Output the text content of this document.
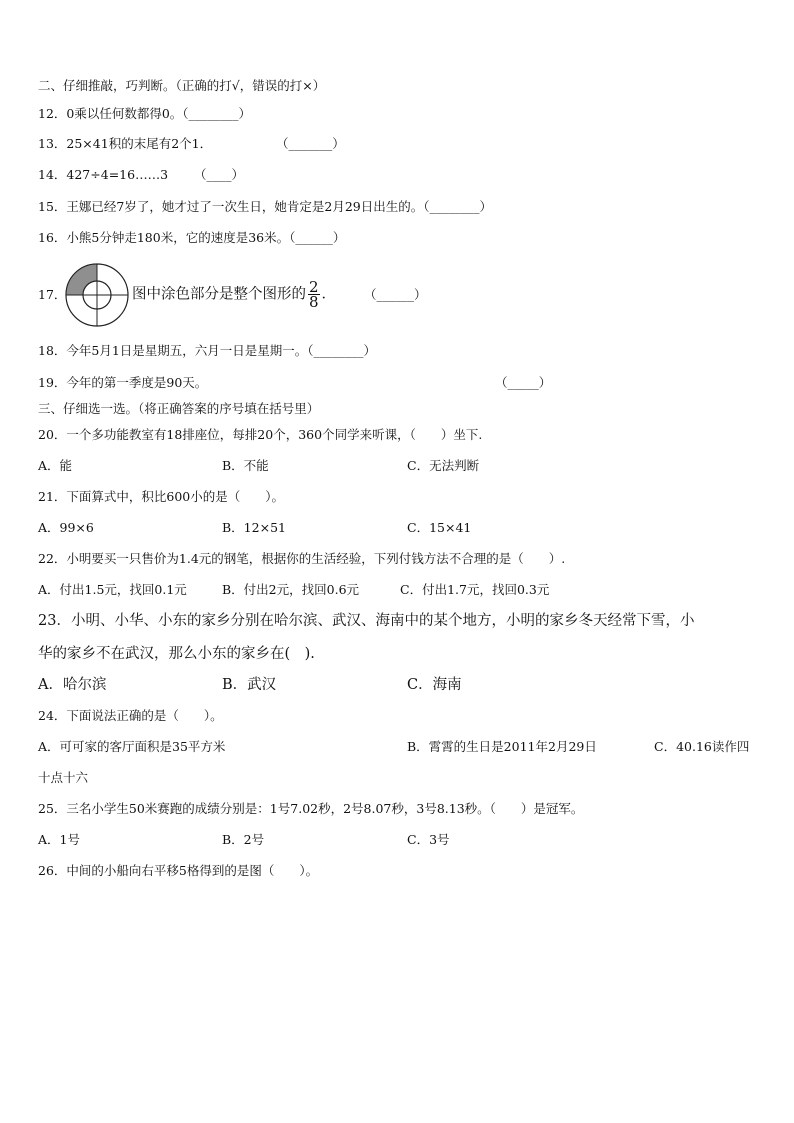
二、仔细推敲，巧判断。（正确的打√，错误的打×）
12．0乘以任何数都得0。（________）
13．25×41积的末尾有2个1．	（_______）
14．427÷4=16……3 （____）
15．王娜已经7岁了，她才过了一次生日，她肯定是2月29日出生的。（________）
16．小熊5分钟走180米，它的速度是36米。（______）
17．	图中涂色部分是整个图形的 $\frac{2}{8}$ ． （______）
18．今年5月1日是星期五，六月一日是星期一。（________）
19．今年的第一季度是90天。	（_____）
三、仔细选一选。（将正确答案的序号填在括号里）
20．一个多功能教室有18排座位，每排20个，360个同学来听课，（　　）坐下.
A．能	B．不能	C．无法判断
21．下面算式中，积比600小的是（　　）。
A．99×6	B．12×51	C．15×41
22．小明要买一只售价为1.4元的钢笔，根据你的生活经验，下列付钱方法不合理的是（　　）.
A．付出1.5元，找回0.1元	B．付出2元，找回0.6元	C．付出1.7元，找回0.3元
23．小明、小华、小东的家乡分别在哈尔滨、武汉、海南中的某个地方，小明的家乡冬天经常下雪，小
华的家乡不在武汉，那么小东的家乡在(　).
A．哈尔滨	B．武汉	C．海南
24．下面说法正确的是（　　）。
A．可可家的客厅面积是35平方米	B．霄霄的生日是2011年2月29日	C．40.16读作四
十点十六
25．三名小学生50米赛跑的成绩分别是：1号7.02秒，2号8.07秒，3号8.13秒。（　　）是冠军。
A．1号	B．2号	C．3号
26．中间的小船向右平移5格得到的是图（　　）。
